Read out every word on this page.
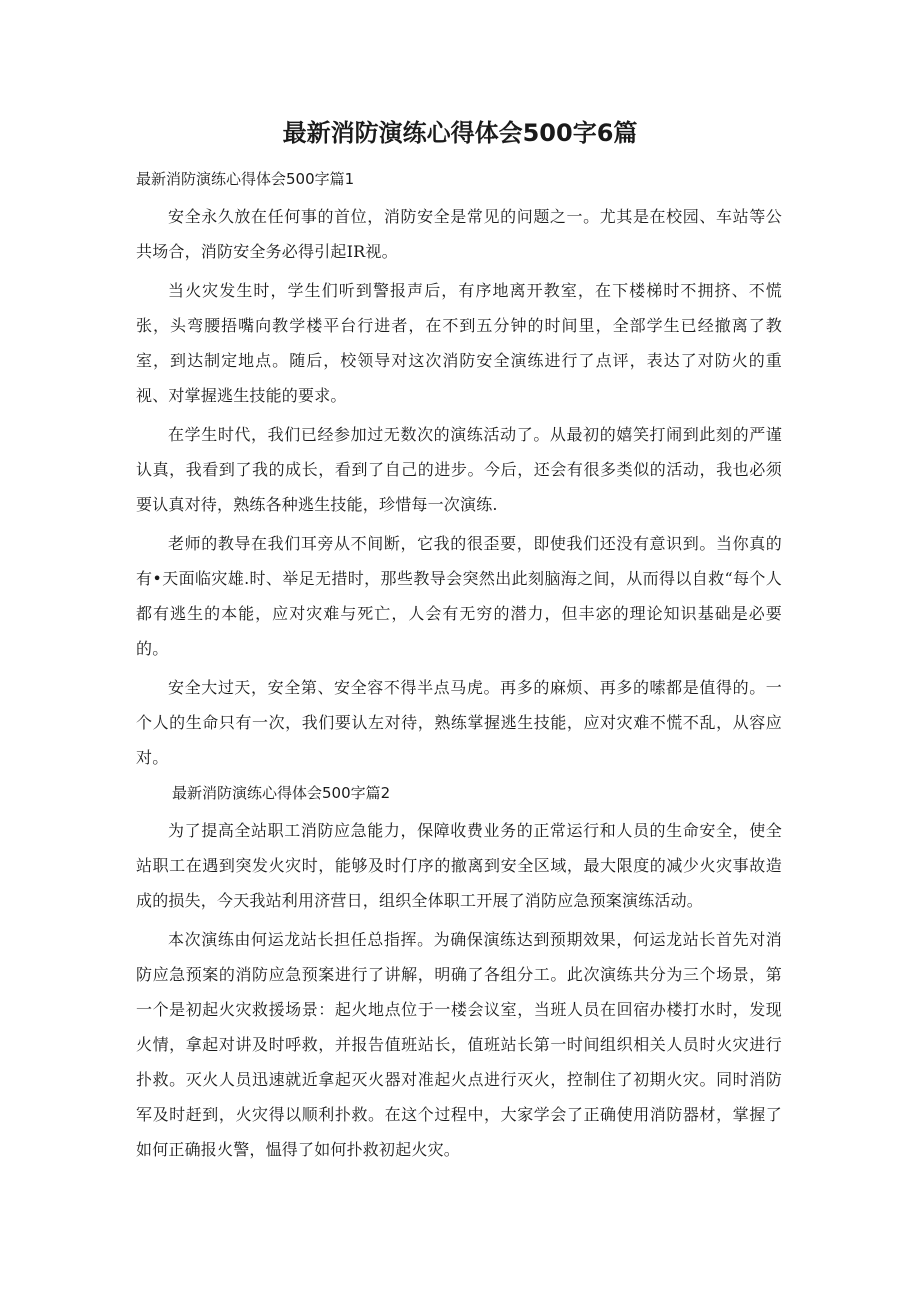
最新消防演练心得体会500字6篇
最新消防演练心得体会500字篇1

安全永久放在任何事的首位，消防安全是常见的问题之一。尤其是在校园、车站等公共场合，消防安全务必得引起IR视。

当火灾发生时，学生们听到警报声后，有序地离开教室，在下楼梯时不拥挤、不慌张，头弯腰捂嘴向教学楼平台行进者，在不到五分钟的时间里，全部学生已经撤离了教室，到达制定地点。随后，校领导对这次消防安全演练进行了点评，表达了对防火的重视、对掌握逃生技能的要求。

在学生时代，我们已经参加过无数次的演练活动了。从最初的嬉笑打闹到此刻的严谨认真，我看到了我的成长，看到了自己的进步。今后，还会有很多类似的活动，我也必须要认真对待，熟练各种逃生技能，珍惜每一次演练.

老师的教导在我们耳旁从不间断，它我的很歪要，即使我们还没有意识到。当你真的有•天面临灾雄.时、举足无措时，那些教导会突然出此刻脑海之间，从而得以自救“每个人都有逃生的本能，应对灾难与死亡，人会有无穷的潜力，但丰宓的理论知识基础是必要的。

安全大过天，安全第、安全容不得半点马虎。再多的麻烦、再多的嗦都是值得的。一个人的生命只有一次，我们要认左对待，熟练掌握逃生技能，应对灾难不慌不乱，从容应对。

最新消防演练心得体会500字篇2

为了提高全站职工消防应急能力，保障收费业务的正常运行和人员的生命安全，使全站职工在遇到突发火灾时，能够及时仃序的撤离到安全区域，最大限度的减少火灾事故造成的损失，今天我站利用济营日，组织全体职工开展了消防应急预案演练活动。

本次演练由何运龙站长担任总指挥。为确保演练达到预期效果，何运龙站长首先对消防应急预案的消防应急预案进行了讲解，明确了各组分工。此次演练共分为三个场景，第一个是初起火灾救援场景：起火地点位于一楼会议室，当班人员在回宿办楼打水时，发现火情，拿起对讲及时呼救，并报告值班站长，值班站长第一时间组织相关人员时火灾进行扑救。灭火人员迅速就近拿起灭火器对准起火点进行灭火，控制住了初期火灾。同时消防军及时赶到，火灾得以顺利扑救。在这个过程中，大家学会了正确使用消防器材，掌握了如何正确报火警，愠得了如何扑救初起火灾。
